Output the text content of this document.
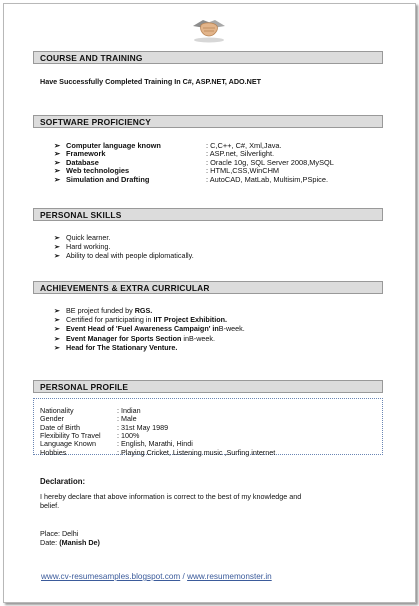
COURSE AND TRAINING
Have Successfully Completed Training In C#, ASP.NET, ADO.NET
SOFTWARE PROFICIENCY
➢ Computer language known	: C,C++, C#, Xml,Java.
➢ Framework	: ASP.net, Silverlight.
➢ Database	: Oracle 10g, SQL Server 2008,MySQL
➢ Web technologies	: HTML,CSS,WinCHM
➢ Simulation and Drafting	: AutoCAD, MatLab, Multisim,PSpice.
PERSONAL SKILLS
➢ Quick learner.
➢ Hard working.
➢ Ability to deal with people diplomatically.
ACHIEVEMENTS & EXTRA CURRICULAR
➢ BE project funded by RGS.
➢ Certified for participating in IIT Project Exhibition.
➢ Event Head of 'Fuel Awareness Campaign' inB-week.
➢ Event Manager for Sports Section inB-week.
➢ Head for The Stationary Venture.
PERSONAL PROFILE
Nationality	: Indian
Gender	: Male
Date of Birth	: 31st May 1989
Flexibility To Travel : 100%
Language Known	: English, Marathi, Hindi
Hobbies	: Playing Cricket, Listening music ,Surfing internet
Declaration:
I hereby declare that above information is correct to the best of my knowledge and
belief.
Place: Delhi
Date: (Manish De)
www.cv-resumesamples.blogspot.com / www.resumemonster.in
